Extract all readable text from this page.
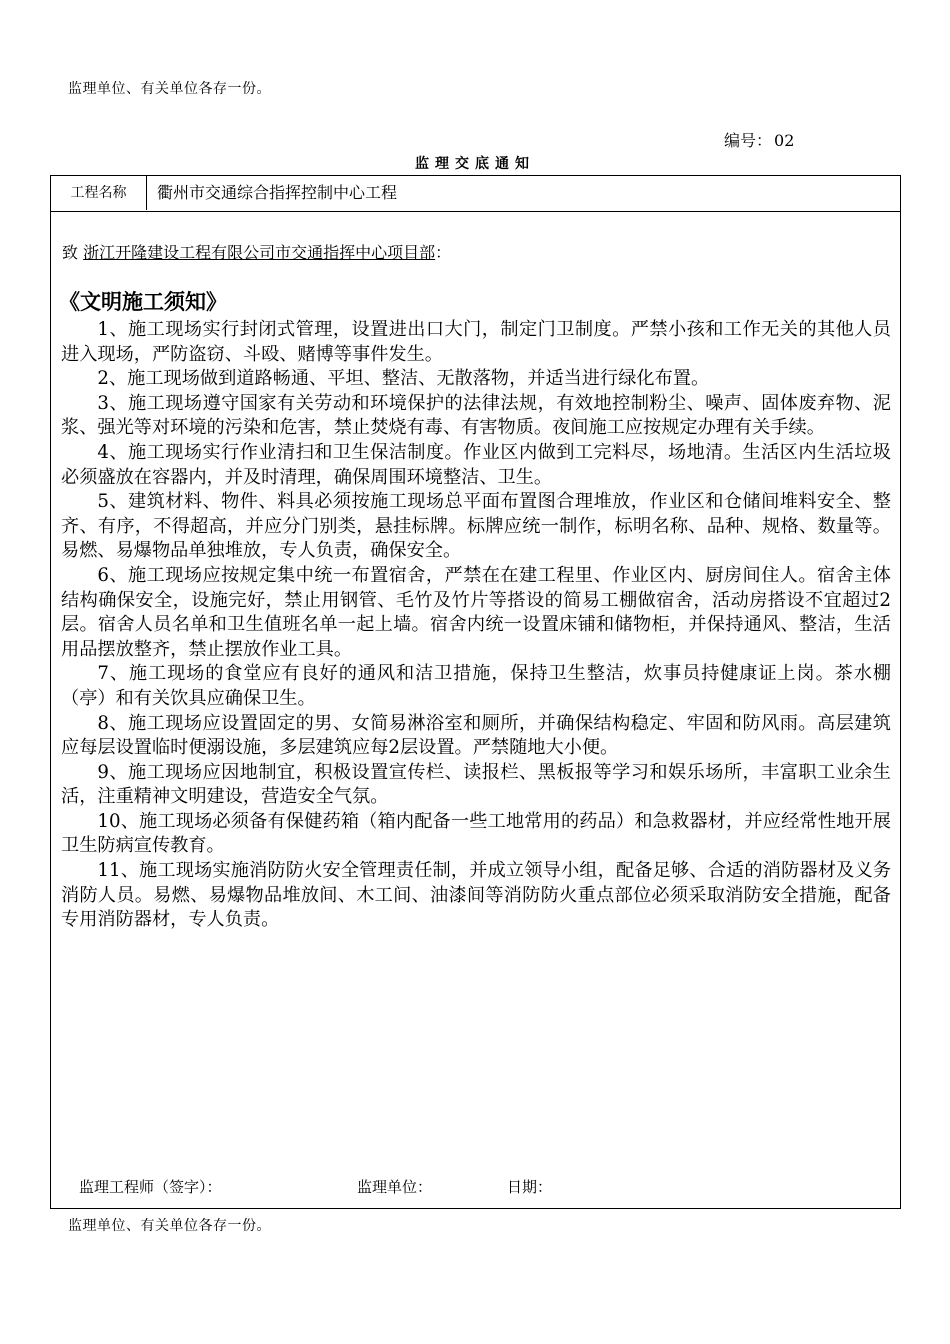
监理单位、有关单位各存一份。
编号： 02
监理交底通知
工程名称	衢州市交通综合指挥控制中心工程
致 浙江开隆建设工程有限公司市交通指挥中心项目部：
《文明施工须知》

1、施工现场实行封闭式管理，设置进出口大门，制定门卫制度。严禁小孩和工作无关的其他人员进入现场，严防盗窃、斗殴、赌博等事件发生。

2、施工现场做到道路畅通、平坦、整洁、无散落物，并适当进行绿化布置。

3、施工现场遵守国家有关劳动和环境保护的法律法规，有效地控制粉尘、噪声、固体废弃物、泥浆、强光等对环境的污染和危害，禁止焚烧有毒、有害物质。夜间施工应按规定办理有关手续。

4、施工现场实行作业清扫和卫生保洁制度。作业区内做到工完料尽，场地清。生活区内生活垃圾必须盛放在容器内，并及时清理，确保周围环境整洁、卫生。

5、建筑材料、物件、料具必须按施工现场总平面布置图合理堆放，作业区和仓储间堆料安全、整齐、有序，不得超高，并应分门别类，悬挂标牌。标牌应统一制作，标明名称、品种、规格、数量等。易燃、易爆物品单独堆放，专人负责，确保安全。

6、施工现场应按规定集中统一布置宿舍，严禁在在建工程里、作业区内、厨房间住人。宿舍主体结构确保安全，设施完好，禁止用钢管、毛竹及竹片等搭设的简易工棚做宿舍，活动房搭设不宜超过2层。宿舍人员名单和卫生值班名单一起上墙。宿舍内统一设置床铺和储物柜，并保持通风、整洁，生活用品摆放整齐，禁止摆放作业工具。

7、施工现场的食堂应有良好的通风和洁卫措施，保持卫生整洁，炊事员持健康证上岗。茶水棚（亭）和有关饮具应确保卫生。

8、施工现场应设置固定的男、女简易淋浴室和厕所，并确保结构稳定、牢固和防风雨。高层建筑应每层设置临时便溺设施，多层建筑应每2层设置。严禁随地大小便。

9、施工现场应因地制宜，积极设置宣传栏、读报栏、黑板报等学习和娱乐场所，丰富职工业余生活，注重精神文明建设，营造安全气氛。

10、施工现场必须备有保健药箱（箱内配备一些工地常用的药品）和急救器材，并应经常性地开展卫生防病宣传教育。

11、施工现场实施消防防火安全管理责任制，并成立领导小组，配备足够、合适的消防器材及义务消防人员。易燃、易爆物品堆放间、木工间、油漆间等消防防火重点部位必须采取消防安全措施，配备专用消防器材，专人负责。

监理工程师（签字）：	监理单位：	日期：
监理单位、有关单位各存一份。
